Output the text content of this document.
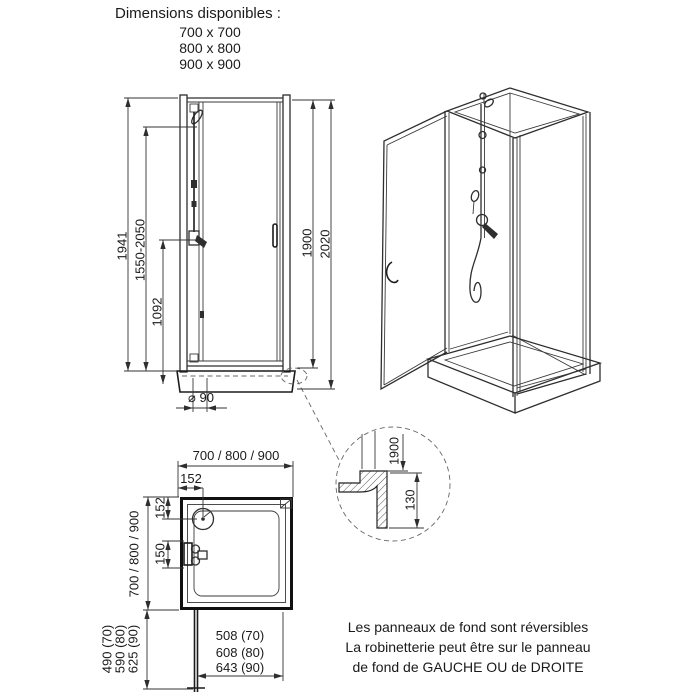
1941 1550-2050
1092
1900 2020
⌀ 90
1900
130
700 / 800 / 900
152
700 / 800 / 900
152
150
490 (70)
590 (80)
625 (90)	508 (70)
608 (80)
643 (90)
Dimensions disponibles :
700 x 700
800 x 800
900 x 900
Les panneaux de fond sont réversibles
La robinetterie peut être sur le panneau
de fond de GAUCHE OU de DROITE
